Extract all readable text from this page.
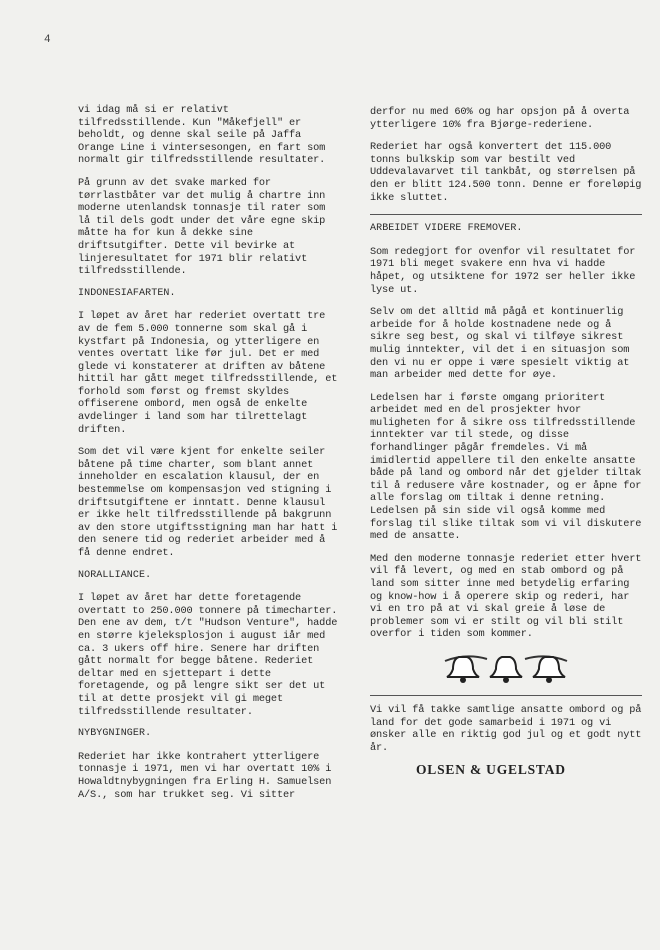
4

vi idag må si er relativt tilfredsstillende. Kun "Måkefjell" er beholdt, og denne skal seile på Jaffa Orange Line i vintersesongen, en fart som normalt gir tilfredsstillende resultater.

På grunn av det svake marked for tørrlastbåter var det mulig å chartre inn moderne utenlandsk tonnasje til rater som lå til dels godt under det våre egne skip måtte ha for kun å dekke sine driftsutgifter. Dette vil bevirke at linjeresultatet for 1971 blir relativt tilfredsstillende.

INDONESIAFARTEN.

I løpet av året har rederiet overtatt tre av de fem 5.000 tonnerne som skal gå i kystfart på Indonesia, og ytterligere en ventes overtatt like før jul. Det er med glede vi konstaterer at driften av båtene hittil har gått meget tilfredsstillende, et forhold som først og fremst skyldes offiserene ombord, men også de enkelte avdelinger i land som har tilrettelagt driften.

Som det vil være kjent for enkelte seiler båtene på time charter, som blant annet inneholder en escalation klausul, der en bestemmelse om kompensasjon ved stigning i driftsutgiftene er inntatt. Denne klausul er ikke helt tilfredsstillende på bakgrunn av den store utgiftsstigning man har hatt i den senere tid og rederiet arbeider med å få denne endret.

NORALLIANCE.

I løpet av året har dette foretagende overtatt to 250.000 tonnere på timecharter. Den ene av dem, t/t "Hudson Venture", hadde en større kjeleksplosjon i august iår med ca. 3 ukers off hire. Senere har driften gått normalt for begge båtene. Rederiet deltar med en sjettepart i dette foretagende, og på lengre sikt ser det ut til at dette prosjekt vil gi meget tilfredsstillende resultater.

NYBYGNINGER.

Rederiet har ikke kontrahert ytterligere tonnasje i 1971, men vi har overtatt 10% i Howaldtnybygningen fra Erling H. Samuelsen A/S., som har trukket seg. Vi sitter

derfor nu med 60% og har opsjon på å overta ytterligere 10% fra Bjørge-rederiene.

Rederiet har også konvertert det 115.000 tonns bulkskip som var bestilt ved Uddevalavarvet til tankbåt, og størrelsen på den er blitt 124.500 tonn. Denne er foreløpig ikke sluttet.

ARBEIDET VIDERE FREMOVER.

Som redegjort for ovenfor vil resultatet for 1971 bli meget svakere enn hva vi hadde håpet, og utsiktene for 1972 ser heller ikke lyse ut.

Selv om det alltid må pågå et kontinuerlig arbeide for å holde kostnadene nede og å sikre seg best, og skal vi tilføye sikrest mulig inntekter, vil det i en situasjon som den vi nu er oppe i være spesielt viktig at man arbeider med dette for øye.

Ledelsen har i første omgang prioritert arbeidet med en del prosjekter hvor muligheten for å sikre oss tilfredsstillende inntekter var til stede, og disse forhandlinger pågår fremdeles. Vi må imidlertid appellere til den enkelte ansatte både på land og ombord når det gjelder tiltak til å redusere våre kostnader, og er åpne for alle forslag om tiltak i denne retning. Ledelsen på sin side vil også komme med forslag til slike tiltak som vi vil diskutere med de ansatte.

Med den moderne tonnasje rederiet etter hvert vil få levert, og med en stab ombord og på land som sitter inne med betydelig erfaring og know-how i å operere skip og rederi, har vi en tro på at vi skal greie å løse de problemer som vi er stilt og vil bli stilt overfor i tiden som kommer.

Vi vil få takke samtlige ansatte ombord og på land for det gode samarbeid i 1971 og vi ønsker alle en riktig god jul og et godt nytt år.

OLSEN & UGELSTAD
